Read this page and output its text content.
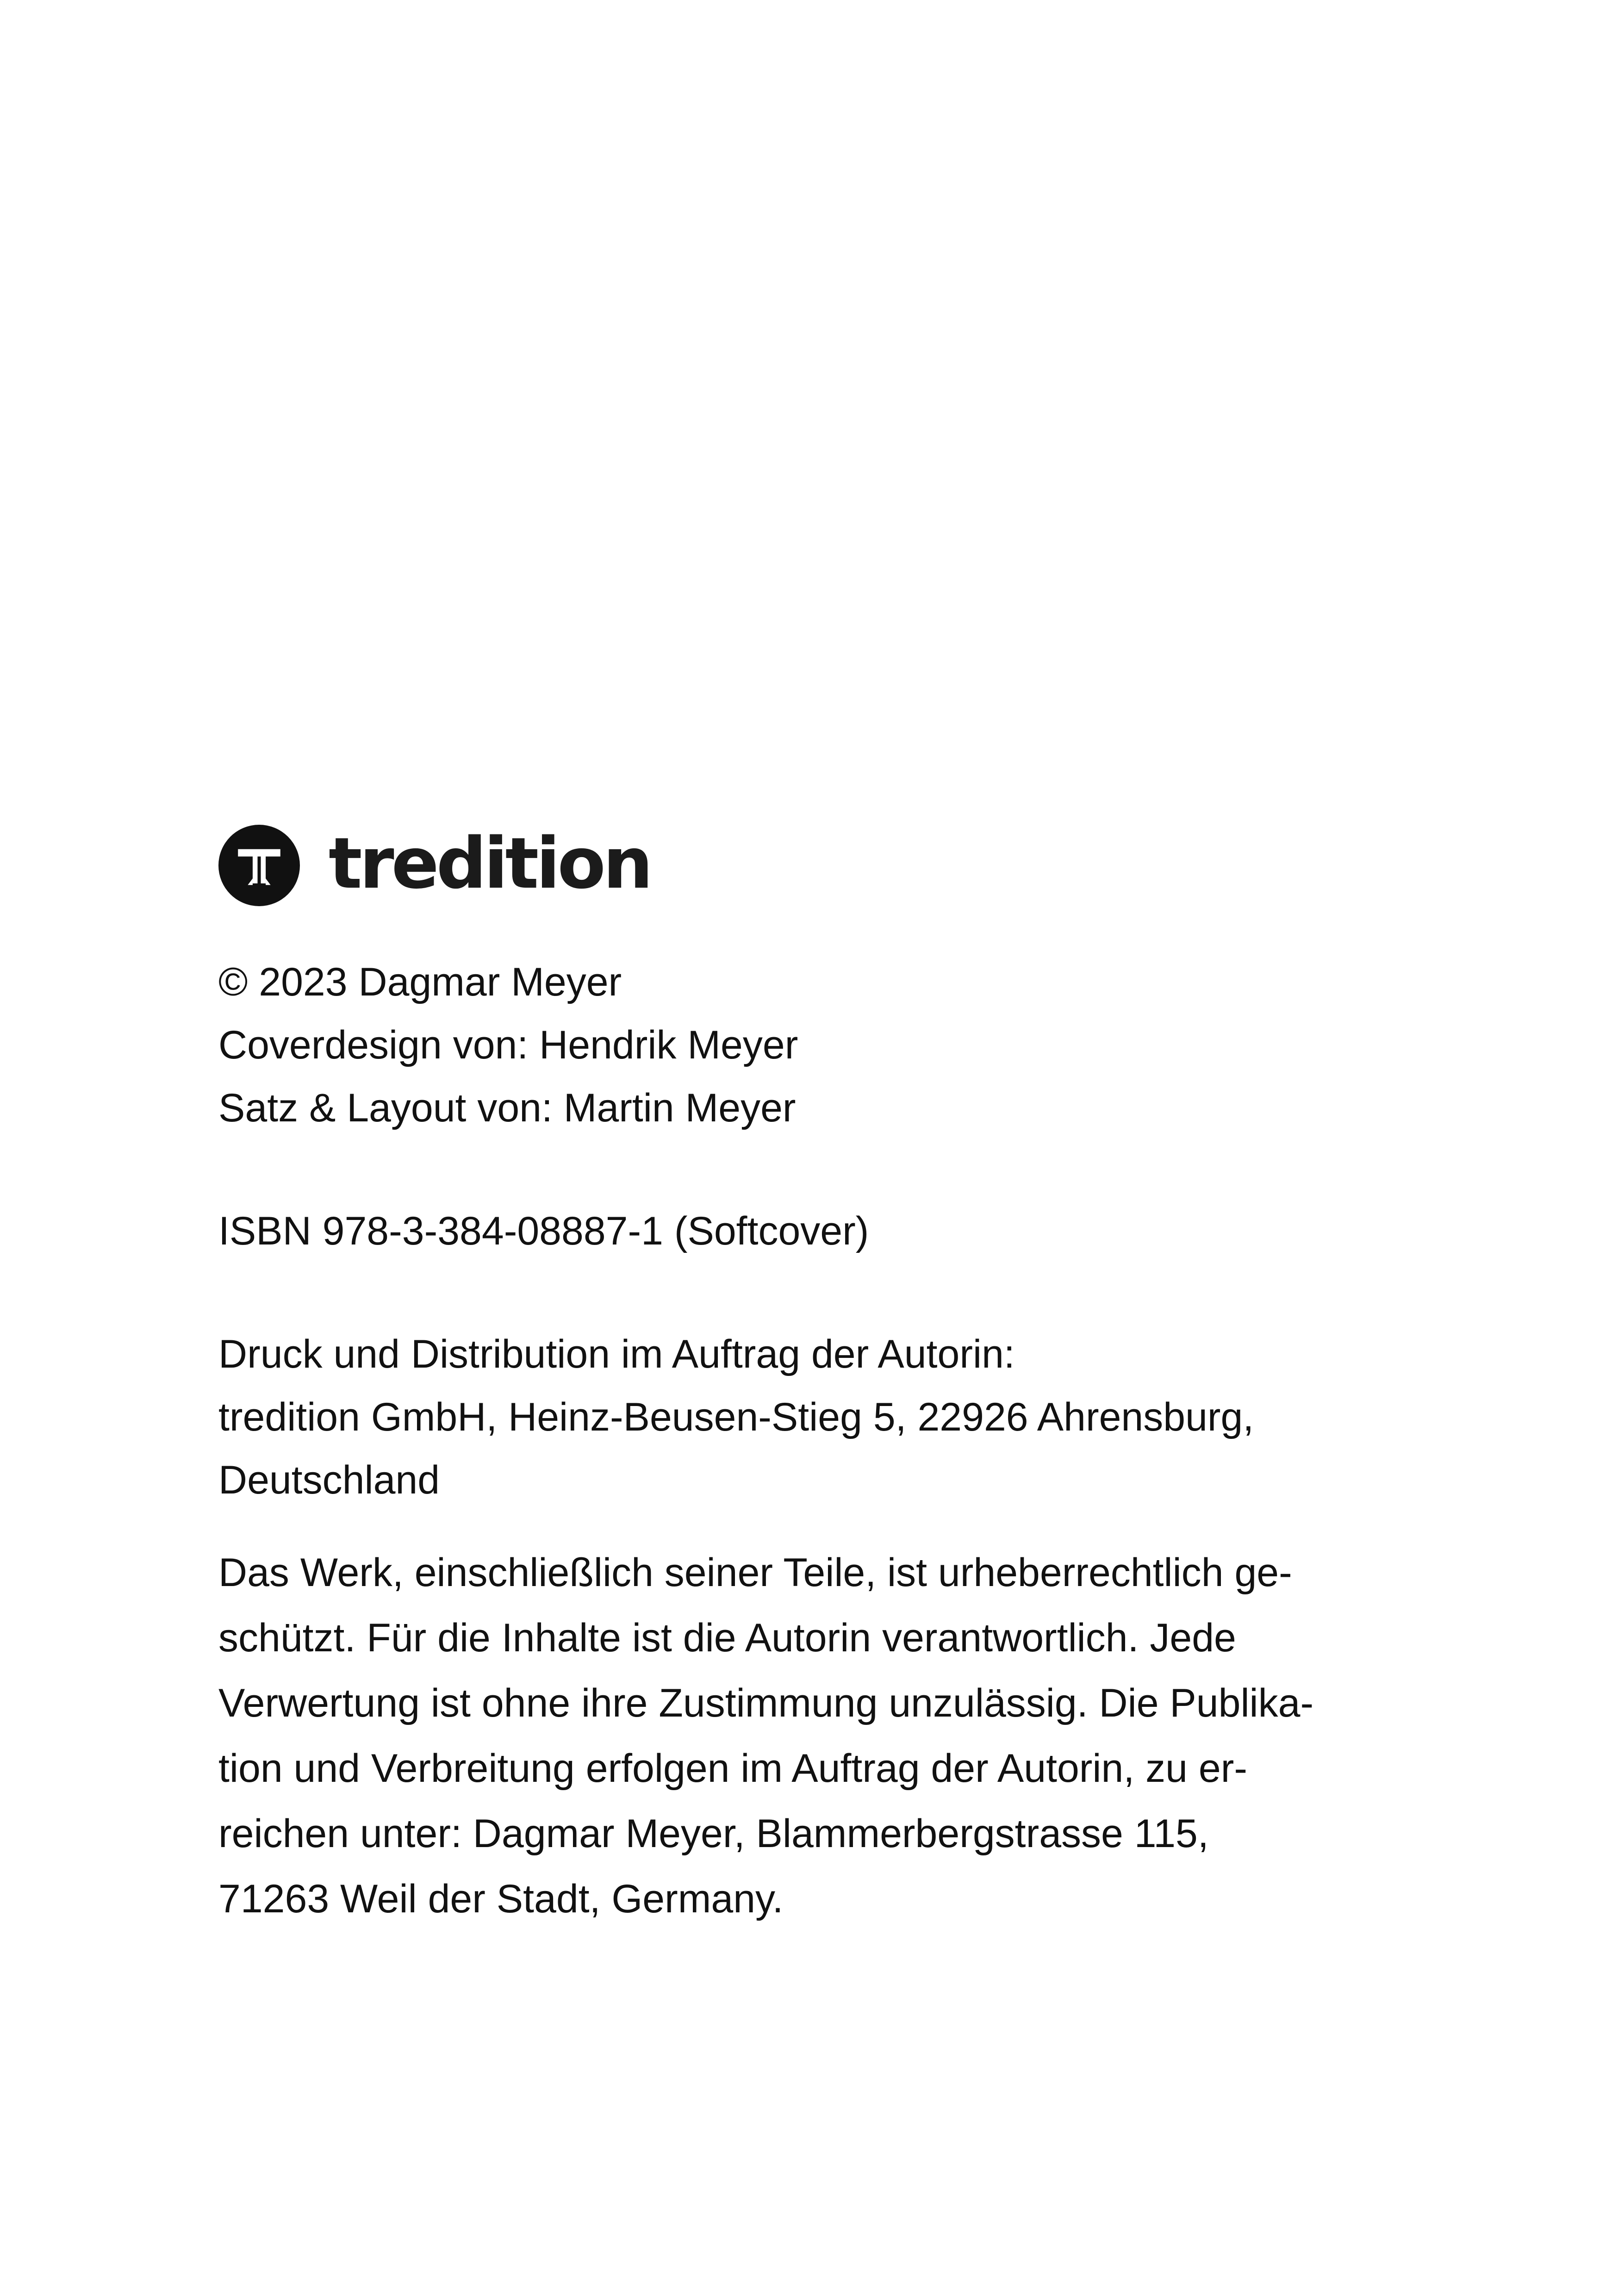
tredition
© 2023 Dagmar Meyer
Coverdesign von: Hendrik Meyer
Satz & Layout von: Martin Meyer
ISBN 978-3-384-08887-1 (Softcover)
Druck und Distribution im Auftrag der Autorin:
tredition GmbH, Heinz-Beusen-Stieg 5, 22926 Ahrensburg,
Deutschland
Das Werk, einschließlich seiner Teile, ist urheberrechtlich ge-
schützt. Für die Inhalte ist die Autorin verantwortlich. Jede
Verwertung ist ohne ihre Zustimmung unzulässig. Die Publika-
tion und Verbreitung erfolgen im Auftrag der Autorin, zu er-
reichen unter: Dagmar Meyer, Blammerbergstrasse 115,
71263 Weil der Stadt, Germany.
